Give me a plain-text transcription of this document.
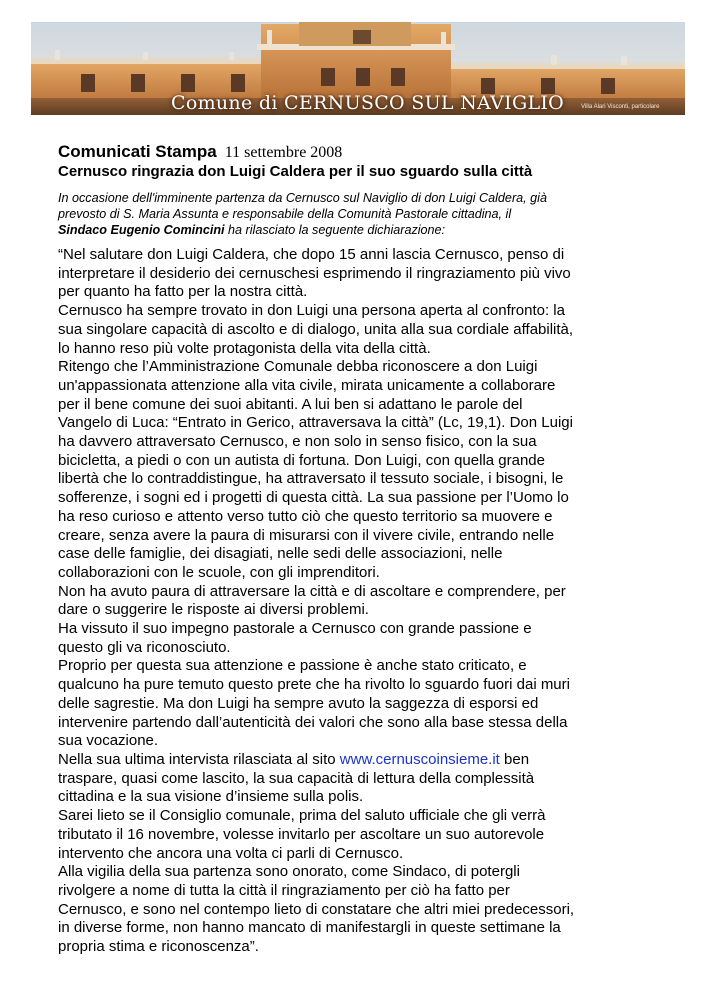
Comune di CERNUSCO SUL NAVIGLIO	Villa Alari Visconti, particolare
Comunicati Stampa 11 settembre 2008
Cernusco ringrazia don Luigi Caldera per il suo sguardo sulla città
In occasione dell'imminente partenza da Cernusco sul Naviglio di don Luigi Caldera, già
prevosto di S. Maria Assunta e responsabile della Comunità Pastorale cittadina, il
Sindaco Eugenio Comincini ha rilasciato la seguente dichiarazione:
“Nel salutare don Luigi Caldera, che dopo 15 anni lascia Cernusco, penso di
interpretare il desiderio dei cernuschesi esprimendo il ringraziamento più vivo
per quanto ha fatto per la nostra città.
Cernusco ha sempre trovato in don Luigi una persona aperta al confronto: la
sua singolare capacità di ascolto e di dialogo, unita alla sua cordiale affabilità,
lo hanno reso più volte protagonista della vita della città.
Ritengo che l’Amministrazione Comunale debba riconoscere a don Luigi
un'appassionata attenzione alla vita civile, mirata unicamente a collaborare
per il bene comune dei suoi abitanti. A lui ben si adattano le parole del
Vangelo di Luca: “Entrato in Gerico, attraversava la città” (Lc, 19,1). Don Luigi
ha davvero attraversato Cernusco, e non solo in senso fisico, con la sua
bicicletta, a piedi o con un autista di fortuna. Don Luigi, con quella grande
libertà che lo contraddistingue, ha attraversato il tessuto sociale, i bisogni, le
sofferenze, i sogni ed i progetti di questa città. La sua passione per l’Uomo lo
ha reso curioso e attento verso tutto ciò che questo territorio sa muovere e
creare, senza avere la paura di misurarsi con il vivere civile, entrando nelle
case delle famiglie, dei disagiati, nelle sedi delle associazioni, nelle
collaborazioni con le scuole, con gli imprenditori.
Non ha avuto paura di attraversare la città e di ascoltare e comprendere, per
dare o suggerire le risposte ai diversi problemi.
Ha vissuto il suo impegno pastorale a Cernusco con grande passione e
questo gli va riconosciuto.
Proprio per questa sua attenzione e passione è anche stato criticato, e
qualcuno ha pure temuto questo prete che ha rivolto lo sguardo fuori dai muri
delle sagrestie. Ma don Luigi ha sempre avuto la saggezza di esporsi ed
intervenire partendo dall’autenticità dei valori che sono alla base stessa della
sua vocazione.
Nella sua ultima intervista rilasciata al sito www.cernuscoinsieme.it ben
traspare, quasi come lascito, la sua capacità di lettura della complessità
cittadina e la sua visione d’insieme sulla polis.
Sarei lieto se il Consiglio comunale, prima del saluto ufficiale che gli verrà
tributato il 16 novembre, volesse invitarlo per ascoltare un suo autorevole
intervento che ancora una volta ci parli di Cernusco.
Alla vigilia della sua partenza sono onorato, come Sindaco, di potergli
rivolgere a nome di tutta la città il ringraziamento per ciò ha fatto per
Cernusco, e sono nel contempo lieto di constatare che altri miei predecessori,
in diverse forme, non hanno mancato di manifestargli in queste settimane la
propria stima e riconoscenza”.
